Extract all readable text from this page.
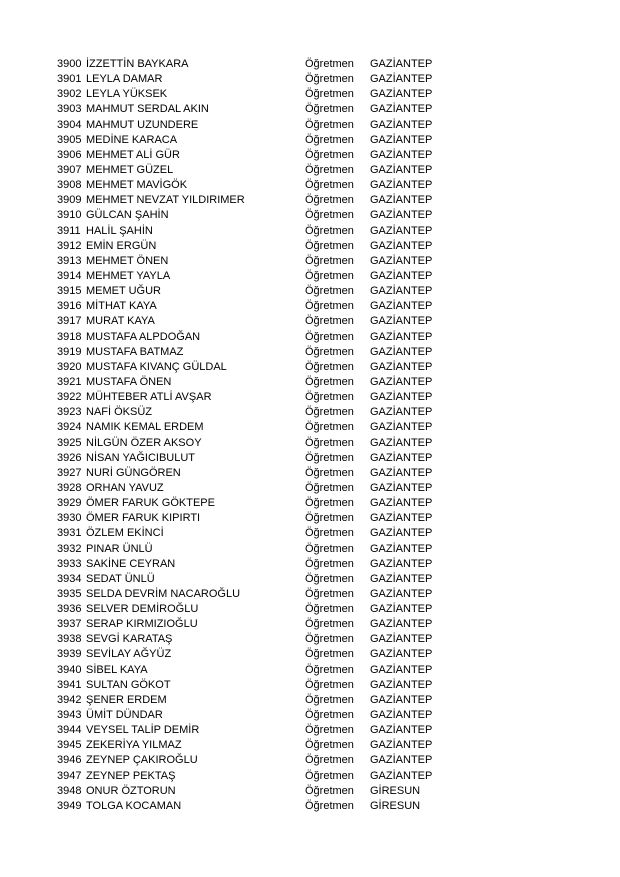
3900 İZZETTİN BAYKARA	Öğretmen GAZİANTEP
3901 LEYLA DAMAR	Öğretmen GAZİANTEP
3902 LEYLA YÜKSEK	Öğretmen GAZİANTEP
3903 MAHMUT SERDAL AKIN	Öğretmen GAZİANTEP
3904 MAHMUT UZUNDERE	Öğretmen GAZİANTEP
3905 MEDİNE KARACA	Öğretmen GAZİANTEP
3906 MEHMET ALİ GÜR	Öğretmen GAZİANTEP
3907 MEHMET GÜZEL	Öğretmen GAZİANTEP
3908 MEHMET MAVİGÖK	Öğretmen GAZİANTEP
3909 MEHMET NEVZAT YILDIRIMER	Öğretmen GAZİANTEP
3910 GÜLCAN ŞAHİN	Öğretmen GAZİANTEP
3911 HALİL ŞAHİN	Öğretmen GAZİANTEP
3912 EMİN ERGÜN	Öğretmen GAZİANTEP
3913 MEHMET ÖNEN	Öğretmen GAZİANTEP
3914 MEHMET YAYLA	Öğretmen GAZİANTEP
3915 MEMET UĞUR	Öğretmen GAZİANTEP
3916 MİTHAT KAYA	Öğretmen GAZİANTEP
3917 MURAT KAYA	Öğretmen GAZİANTEP
3918 MUSTAFA ALPDOĞAN	Öğretmen GAZİANTEP
3919 MUSTAFA BATMAZ	Öğretmen GAZİANTEP
3920 MUSTAFA KIVANÇ GÜLDAL	Öğretmen GAZİANTEP
3921 MUSTAFA ÖNEN	Öğretmen GAZİANTEP
3922 MÜHTEBER ATLİ AVŞAR	Öğretmen GAZİANTEP
3923 NAFİ ÖKSÜZ	Öğretmen GAZİANTEP
3924 NAMIK KEMAL ERDEM	Öğretmen GAZİANTEP
3925 NİLGÜN ÖZER AKSOY	Öğretmen GAZİANTEP
3926 NİSAN YAĞICIBULUT	Öğretmen GAZİANTEP
3927 NURİ GÜNGÖREN	Öğretmen GAZİANTEP
3928 ORHAN YAVUZ	Öğretmen GAZİANTEP
3929 ÖMER FARUK GÖKTEPE	Öğretmen GAZİANTEP
3930 ÖMER FARUK KIPIRTI	Öğretmen GAZİANTEP
3931 ÖZLEM EKİNCİ	Öğretmen GAZİANTEP
3932 PINAR ÜNLÜ	Öğretmen GAZİANTEP
3933 SAKİNE CEYRAN	Öğretmen GAZİANTEP
3934 SEDAT ÜNLÜ	Öğretmen GAZİANTEP
3935 SELDA DEVRİM NACAROĞLU	Öğretmen GAZİANTEP
3936 SELVER DEMİROĞLU	Öğretmen GAZİANTEP
3937 SERAP KIRMIZIOĞLU	Öğretmen GAZİANTEP
3938 SEVGİ KARATAŞ	Öğretmen GAZİANTEP
3939 SEVİLAY AĞYÜZ	Öğretmen GAZİANTEP
3940 SİBEL KAYA	Öğretmen GAZİANTEP
3941 SULTAN GÖKOT	Öğretmen GAZİANTEP
3942 ŞENER ERDEM	Öğretmen GAZİANTEP
3943 ÜMİT DÜNDAR	Öğretmen GAZİANTEP
3944 VEYSEL TALİP DEMİR	Öğretmen GAZİANTEP
3945 ZEKERİYA YILMAZ	Öğretmen GAZİANTEP
3946 ZEYNEP ÇAKIROĞLU	Öğretmen GAZİANTEP
3947 ZEYNEP PEKTAŞ	Öğretmen GAZİANTEP
3948 ONUR ÖZTORUN	Öğretmen GİRESUN
3949 TOLGA KOCAMAN	Öğretmen GİRESUN
